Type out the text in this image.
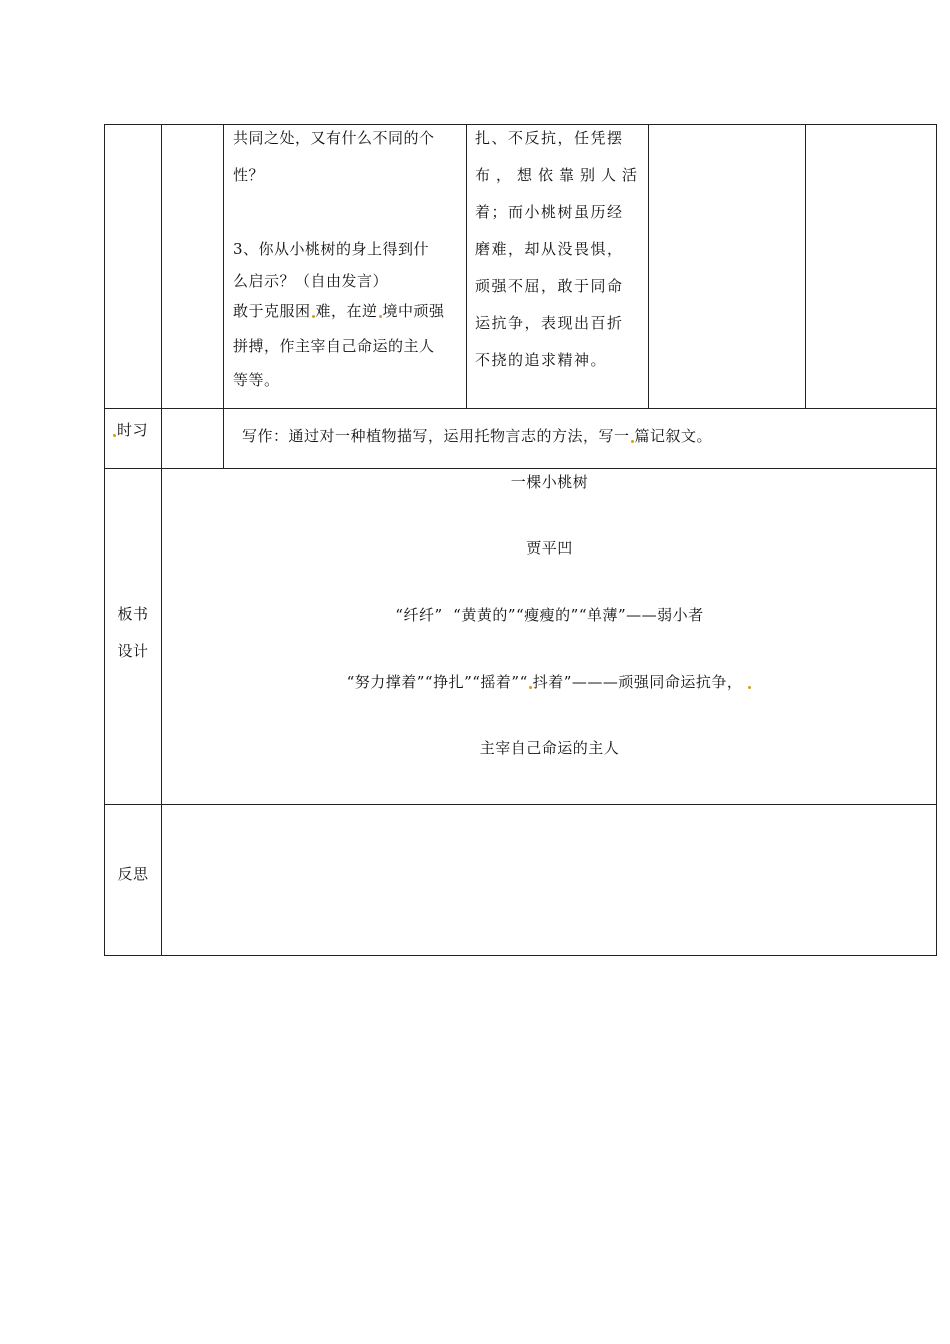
共同之处，又有什么不同的个
性？
3、你从小桃树的身上得到什
么启示？（自由发言）
敢于克服困 难，在逆 境中顽强
拼搏，作主宰自己命运的主人
等等。
扎、不反抗，任凭摆
布，想依靠别人活
着；而小桃树虽历经
磨难，却从没畏惧，
顽强不屈，敢于同命
运抗争，表现出百折
不挠的追求精神。
时习	写作：通过对一种植物描写，运用托物言志的方法，写一 篇记叙文。
板书
设计
一棵小桃树
贾平凹
“纤纤”  “黄黄的”“瘦瘦的”“单薄”——弱小者
“努力撑着”“挣扎”“摇着”“ 抖着”———顽强同命运抗争，
主宰自己命运的主人
反思
